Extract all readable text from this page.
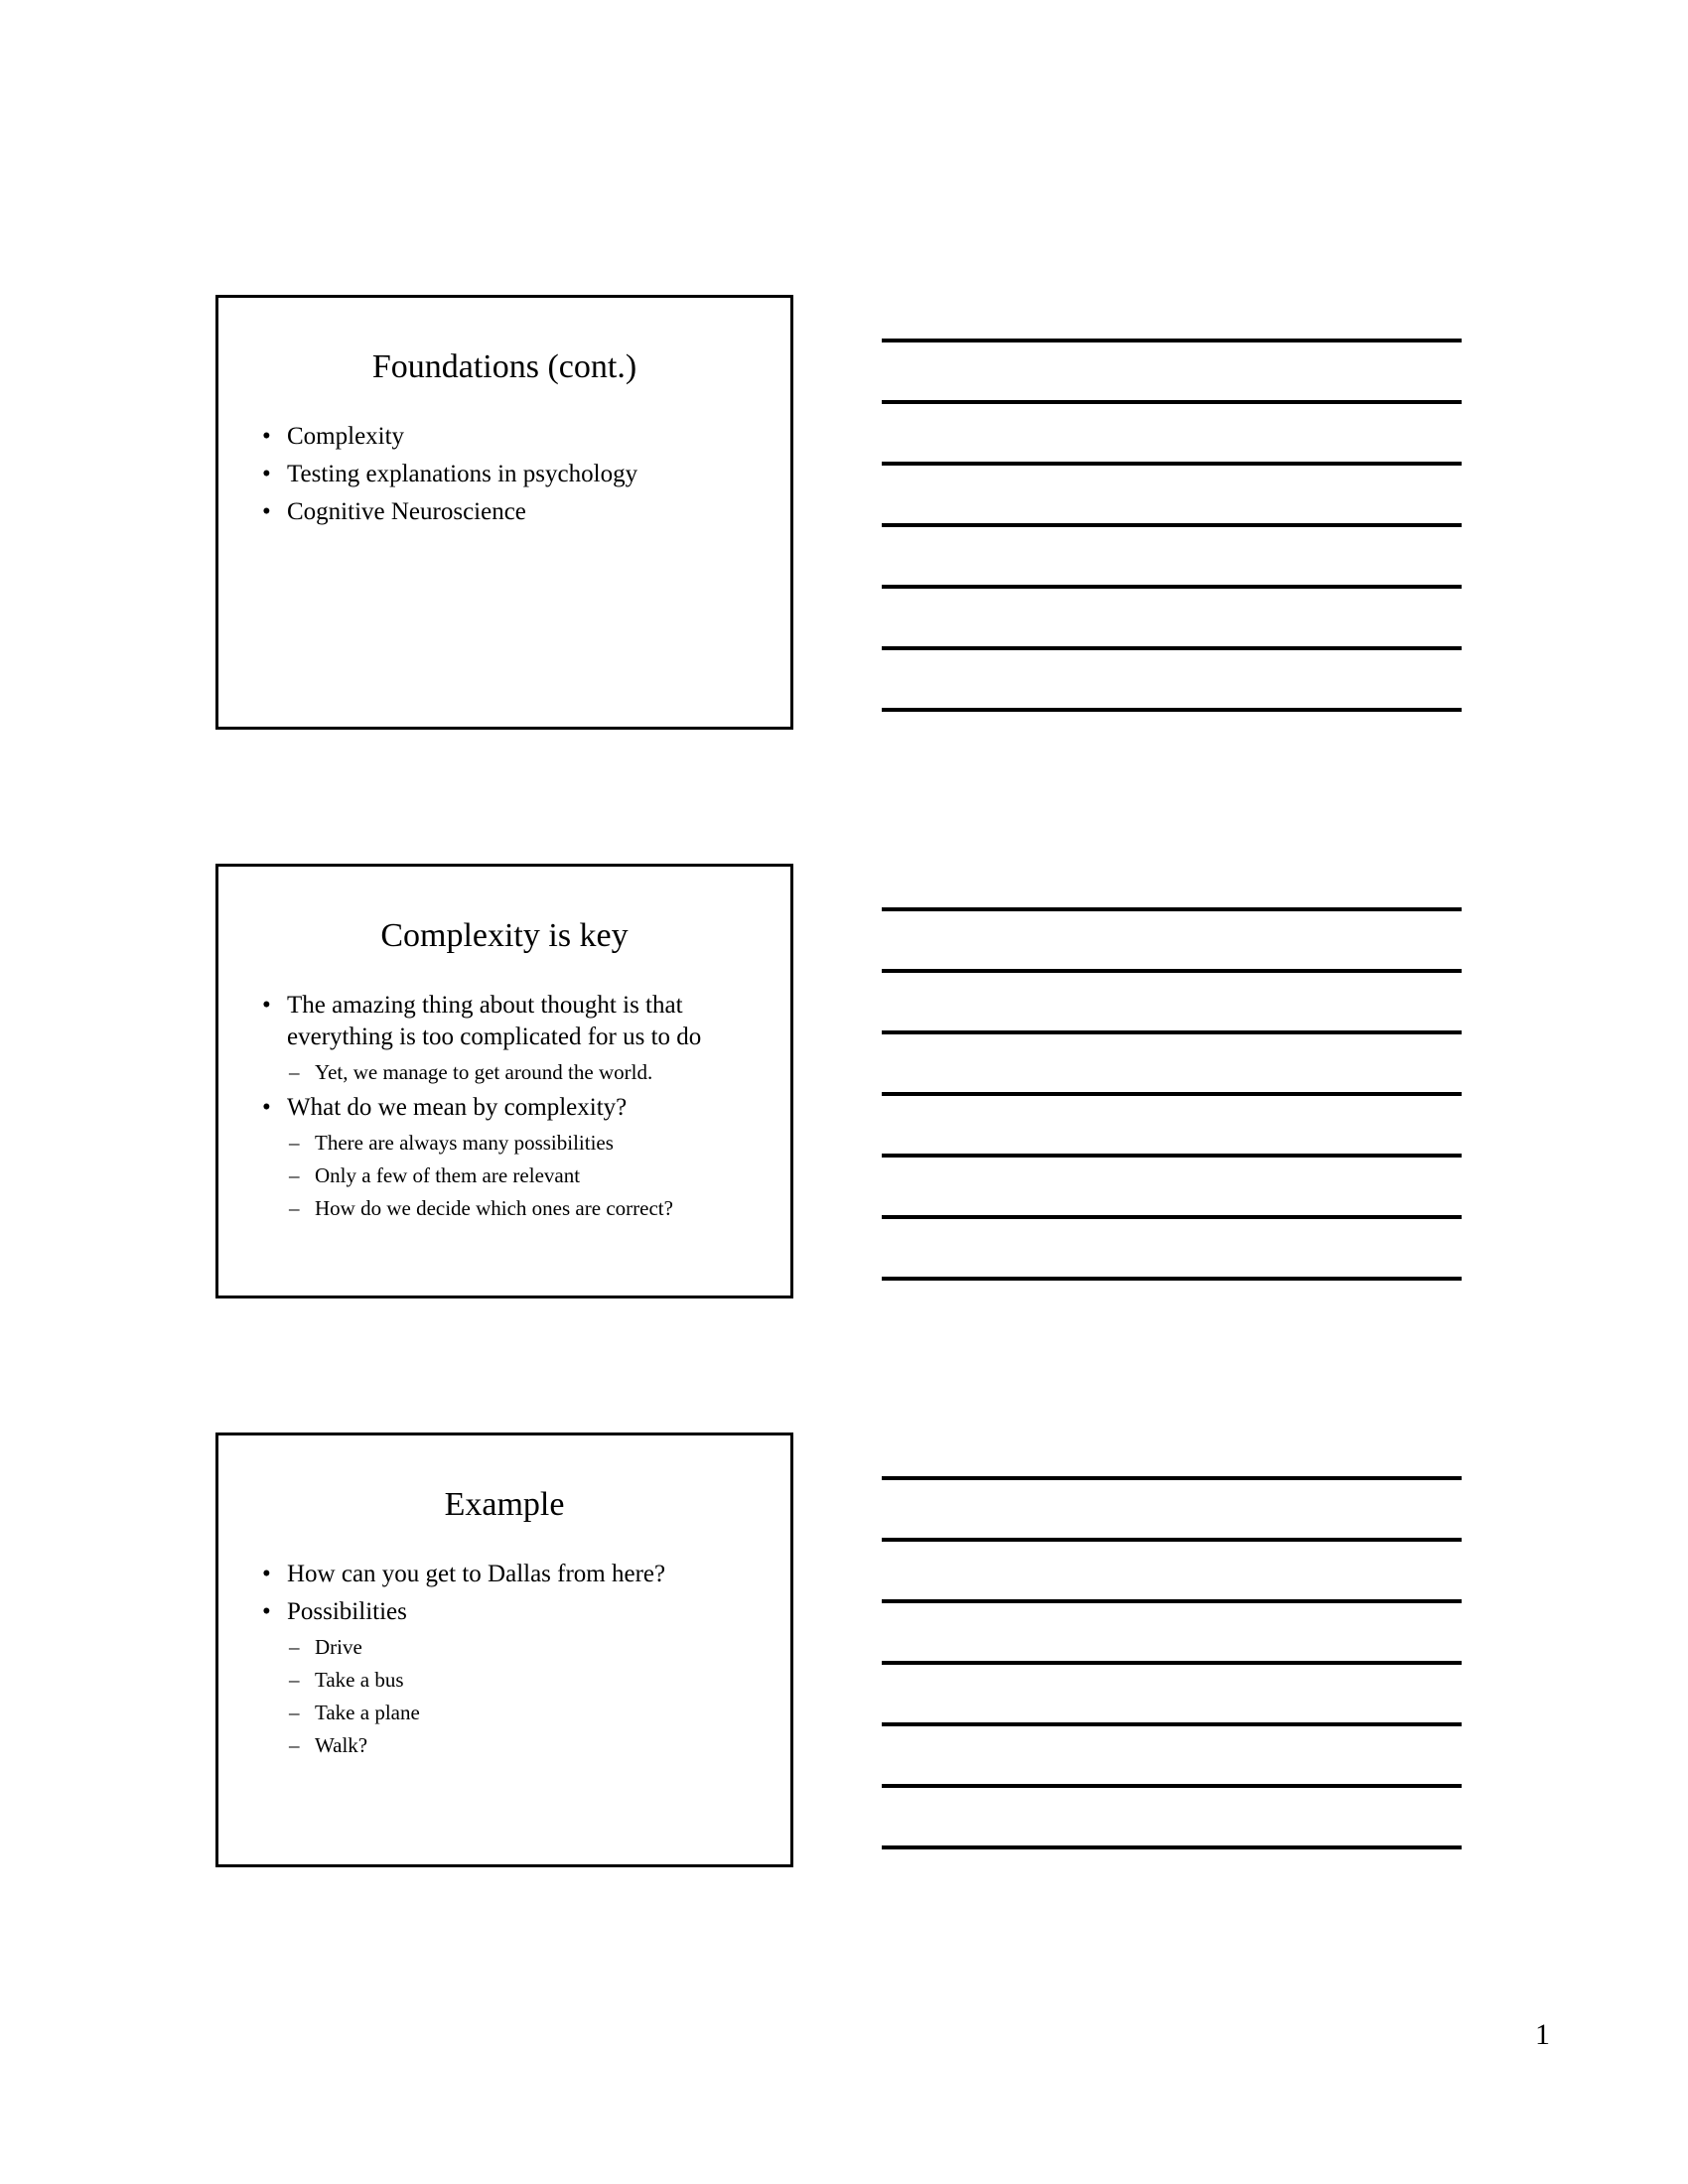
Foundations (cont.)
• Complexity
• Testing explanations in psychology
• Cognitive Neuroscience
Complexity is key
• The amazing thing about thought is that everything is too complicated for us to do
– Yet, we manage to get around the world.
• What do we mean by complexity?
– There are always many possibilities
– Only a few of them are relevant
– How do we decide which ones are correct?
Example
• How can you get to Dallas from here?
• Possibilities
– Drive
– Take a bus
– Take a plane
– Walk?
1
